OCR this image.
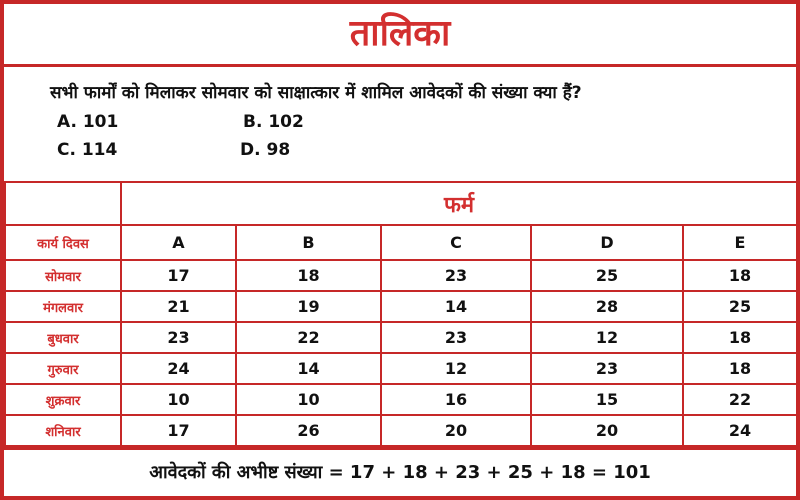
तालिका
सभी फार्मों को मिलाकर सोमवार को साक्षात्कार में शामिल आवेदकों की संख्या क्या हैं?
A. 101	B. 102
C. 114	D. 98
	फर्म				
कार्य दिवस	A	B	C	D	E
सोमवार	17	18	23	25	18
मंगलवार	21	19	14	28	25
बुधवार	23	22	23	12	18
गुरुवार	24	14	12	23	18
शुक्रवार	10	10	16	15	22
शनिवार	17	26	20	20	24
आवेदकों की अभीष्ट संख्या = 17 + 18 + 23 + 25 + 18 = 101
